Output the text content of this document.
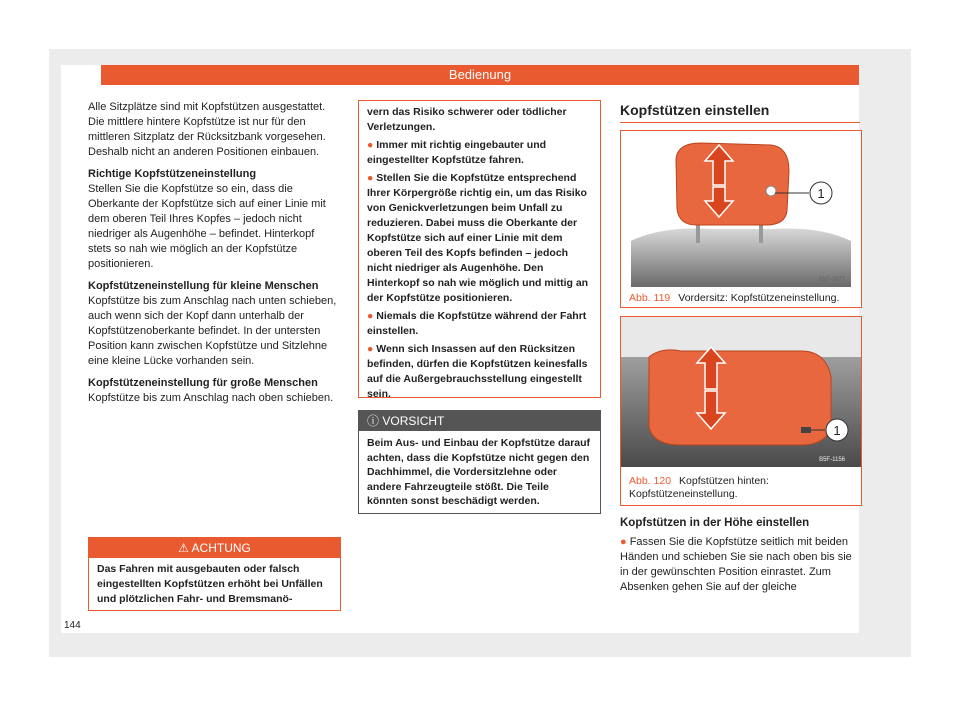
Bedienung

Alle Sitzplätze sind mit Kopfstützen ausgestattet. Die mittlere hintere Kopfstütze ist nur für den mittleren Sitzplatz der Rücksitzbank vorgesehen. Deshalb nicht an anderen Positionen einbauen.

Richtige Kopfstützeneinstellung

Stellen Sie die Kopfstütze so ein, dass die Oberkante der Kopfstütze sich auf einer Linie mit dem oberen Teil Ihres Kopfes – jedoch nicht niedriger als Augenhöhe – befindet. Hinterkopf stets so nah wie möglich an der Kopfstütze positionieren.

Kopfstützeneinstellung für kleine Menschen

Kopfstütze bis zum Anschlag nach unten schieben, auch wenn sich der Kopf dann unterhalb der Kopfstützenoberkante befindet. In der untersten Position kann zwischen Kopfstütze und Sitzlehne eine kleine Lücke vorhanden sein.

Kopfstützeneinstellung für große Menschen

Kopfstütze bis zum Anschlag nach oben schieben.

⚠ ACHTUNG
Das Fahren mit ausgebauten oder falsch eingestellten Kopfstützen erhöht bei Unfällen und plötzlichen Fahr- und Bremsmanö-

vern das Risiko schwerer oder tödlicher Verletzungen.

● Immer mit richtig eingebauter und eingestellter Kopfstütze fahren.

● Stellen Sie die Kopfstütze entsprechend Ihrer Körpergröße richtig ein, um das Risiko von Genickverletzungen beim Unfall zu reduzieren. Dabei muss die Oberkante der Kopfstütze sich auf einer Linie mit dem oberen Teil des Kopfs befinden – jedoch nicht niedriger als Augenhöhe. Den Hinterkopf so nah wie möglich und mittig an der Kopfstütze positionieren.

● Niemals die Kopfstütze während der Fahrt einstellen.

● Wenn sich Insassen auf den Rücksitzen befinden, dürfen die Kopfstützen keinesfalls auf die Außergebrauchsstellung eingestellt sein.

ⓘ VORSICHT
Beim Aus- und Einbau der Kopfstütze darauf achten, dass die Kopfstütze nicht gegen den Dachhimmel, die Vordersitzlehne oder andere Fahrzeugteile stößt. Die Teile könnten sonst beschädigt werden.
Kopfstützen einstellen
1
B5F-0977
Abb. 119 Vordersitz: Kopfstützeneinstellung.
1
B5F-1156
Abb. 120 Kopfstützen hinten: Kopfstützeneinstellung.
Kopfstützen in der Höhe einstellen

● Fassen Sie die Kopfstütze seitlich mit beiden Händen und schieben Sie sie nach oben bis sie in der gewünschten Position einrastet. Zum Absenken gehen Sie auf der gleiche

144
